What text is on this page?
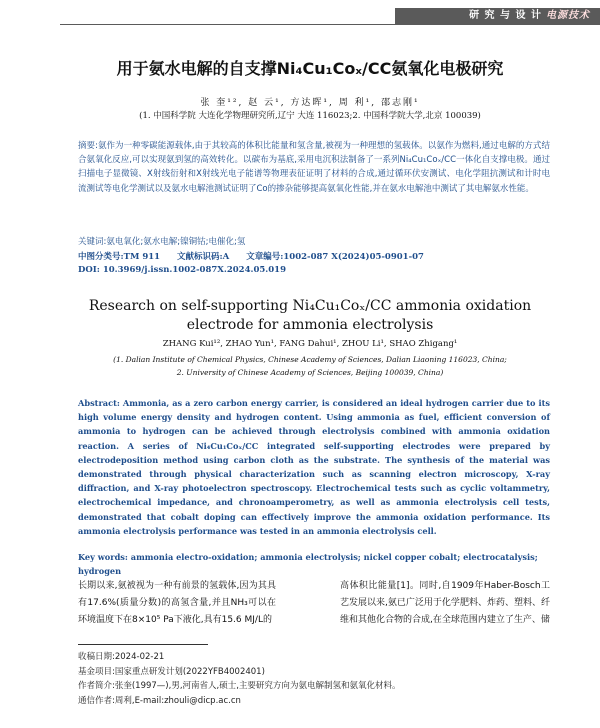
研 究 与 设 计 电源技术
用于氨水电解的自支撑Ni₄Cu₁Coₓ/CC氨氧化电极研究
张 奎¹², 赵 云¹, 方达晖¹, 周 利¹, 邵志刚¹
(1. 中国科学院 大连化学物理研究所,辽宁 大连 116023;2. 中国科学院大学,北京 100039)
摘要:氨作为一种零碳能源载体,由于其较高的体积比能量和氢含量,被视为一种理想的氢载体。以氨作为燃料,通过电解的方式结合氨氧化反应,可以实现氨到氢的高效转化。以碳布为基底,采用电沉积法制备了一系列Ni₄Cu₁Coₓ/CC一体化自支撑电极。通过扫描电子显微镜、X射线衍射和X射线光电子能谱等物理表征证明了材料的合成,通过循环伏安测试、电化学阻抗测试和计时电流测试等电化学测试以及氨水电解池测试证明了Co的掺杂能够提高氨氧化性能,并在氨水电解池中测试了其电解氨水性能。
关键词:氨电氧化;氨水电解;镍铜钴;电催化;氢
中图分类号:TM 911 文献标识码:A 文章编号:1002-087 X(2024)05-0901-07
DOI: 10.3969/j.issn.1002-087X.2024.05.019
Research on self-supporting Ni₄Cu₁Coₓ/CC ammonia oxidation electrode for ammonia electrolysis
ZHANG Kui¹², ZHAO Yun¹, FANG Dahui¹, ZHOU Li¹, SHAO Zhigang¹
(1. Dalian Institute of Chemical Physics, Chinese Academy of Sciences, Dalian Liaoning 116023, China;
2. University of Chinese Academy of Sciences, Beijing 100039, China)
Abstract: Ammonia, as a zero carbon energy carrier, is considered an ideal hydrogen carrier due to its high volume energy density and hydrogen content. Using ammonia as fuel, efficient conversion of ammonia to hydrogen can be achieved through electrolysis combined with ammonia oxidation reaction. A series of Ni₄Cu₁Coₓ/CC integrated self-supporting electrodes were prepared by electrodeposition method using carbon cloth as the substrate. The synthesis of the material was demonstrated through physical characterization such as scanning electron microscopy, X-ray diffraction, and X-ray photoelectron spectroscopy. Electrochemical tests such as cyclic voltammetry, electrochemical impedance, and chronoamperometry, as well as ammonia electrolysis cell tests, demonstrated that cobalt doping can effectively improve the ammonia oxidation performance. Its ammonia electrolysis performance was tested in an ammonia electrolysis cell.
Key words: ammonia electro-oxidation; ammonia electrolysis; nickel copper cobalt; electrocatalysis; hydrogen
长期以来,氨被视为一种有前景的氢载体,因为其具有17.6%(质量分数)的高氢含量,并且NH₃可以在环境温度下在8×10⁵ Pa下液化,具有15.6 MJ/L的
高体积比能量[1]。同时,自1909年Haber-Bosch工艺发展以来,氨已广泛用于化学肥料、炸药、塑料、纤维和其他化合物的合成,在全球范围内建立了生产、储
收稿日期:2024-02-21
基金项目:国家重点研发计划(2022YFB4002401)
作者简介:张奎(1997—),男,河南省人,硕士,主要研究方向为氨电解制氢和氨氧化材料。
通信作者:周利,E-mail:zhouli@dicp.ac.cn
